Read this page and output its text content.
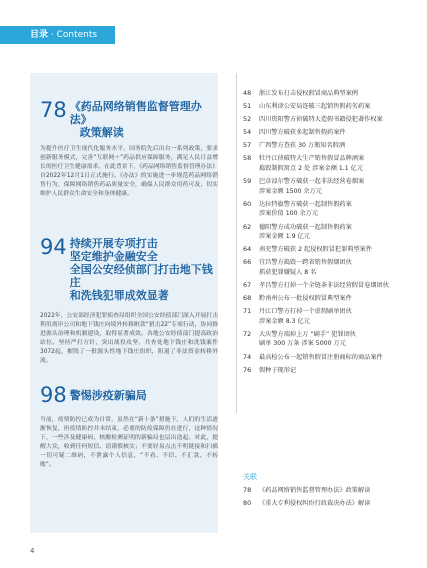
目录 · Contents
78 《药品网络销售监督管理办法》
政策解读
为提升医疗卫生现代化服务水平，国务院先后出台一系列政策，要求创新服务模式，完善“互联网＋”药品供应保障服务，满足人民日益增长的医疗卫生健康需求。在此背景下，《药品网络销售监督管理办法》自2022年12月1日正式施行。《办法》的实施进一步规范药品网络销售行为，保障网络销售药品质量安全，确保人民群众用药可及，切实维护人民群众生命安全和身体健康。
94 持续开展专项打击
坚定维护金融安全
全国公安经侦部门打击地下钱庄
和洗钱犯罪成效显著
2022年，公安部经济犯罪侦查局组织全国公安经侦部门深入开展打击利用离岸公司和地下钱庄向境外转移赃款“猎击22”专项行动，协同推进源头治理和机制建设，取得显著成效。各地公安经侦部门提高政治站位、坚持严打方针，突出战役攻坚，共查处地下钱庄和洗钱案件3072起，摧毁了一批源头性地下钱庄组织，阻遏了非法资金转移外流。
98 警惕涉疫新骗局
当前，疫情防控已成为日常，虽然在“新十条”措施下，人们的生活逐渐恢复，但疫情防控并未结束，必要的防疫保障仍在进行，这种情况下，一些涉及健康码、核酸检测证明的新骗局也层出迭起。对此，提醒大众，收到任何短信、请谨慎核实；不要轻易点击不明链接和扫描一切可疑二维码，不泄露个人信息，“不看、不信、不汇款、不转账”。
48	浙江发布打击侵权假冒商品典型案例
51	山东利津公安局连破三起销售假药劣药案
52	四川资阳警方侦破特大造假书籍侵犯著作权案
54	四川警方破获多起制售假药案件
57	广西警方查获 30 万瓶知名假酒
58	牡丹江侦破特大生产销售假冒品牌酒案
捣毁制假窝点 2 处 涉案金额 1.1 亿元
59	巴彦淖尔警方破获一起非法经营卷烟案
涉案金额 1500 余万元
60	达拉特旗警方破获一起制售假药案
涉案价值 100 余万元
62	德阳警方成功破获一起制售假药案
涉案金额 1.9 亿元
64	南充警方破获 2 起侵权假冒犯罪典型案件
66	宜昌警方捣毁一跨省销售假烟团伙
抓获犯罪嫌疑人 8 名
67	孝昌警方打掉一个全链条非法经营假冒卷烟团伙
68	黔南州公布一批侵权假冒典型案件
71	丹江口警方打掉一个虚假刷单团伙
涉案金额 8.3 亿元
72	大庆警方端掉上万 “刷手” 犯罪团伙
刷单 300 万条 涉案 5000 万元
74	最高检公布一起销售假冒注册商标的商品案件
76	假种子现形记
关联
78	《药品网络销售监督管理办法》政策解读
80	《重大专利侵权纠纷行政裁决办法》解读
4
